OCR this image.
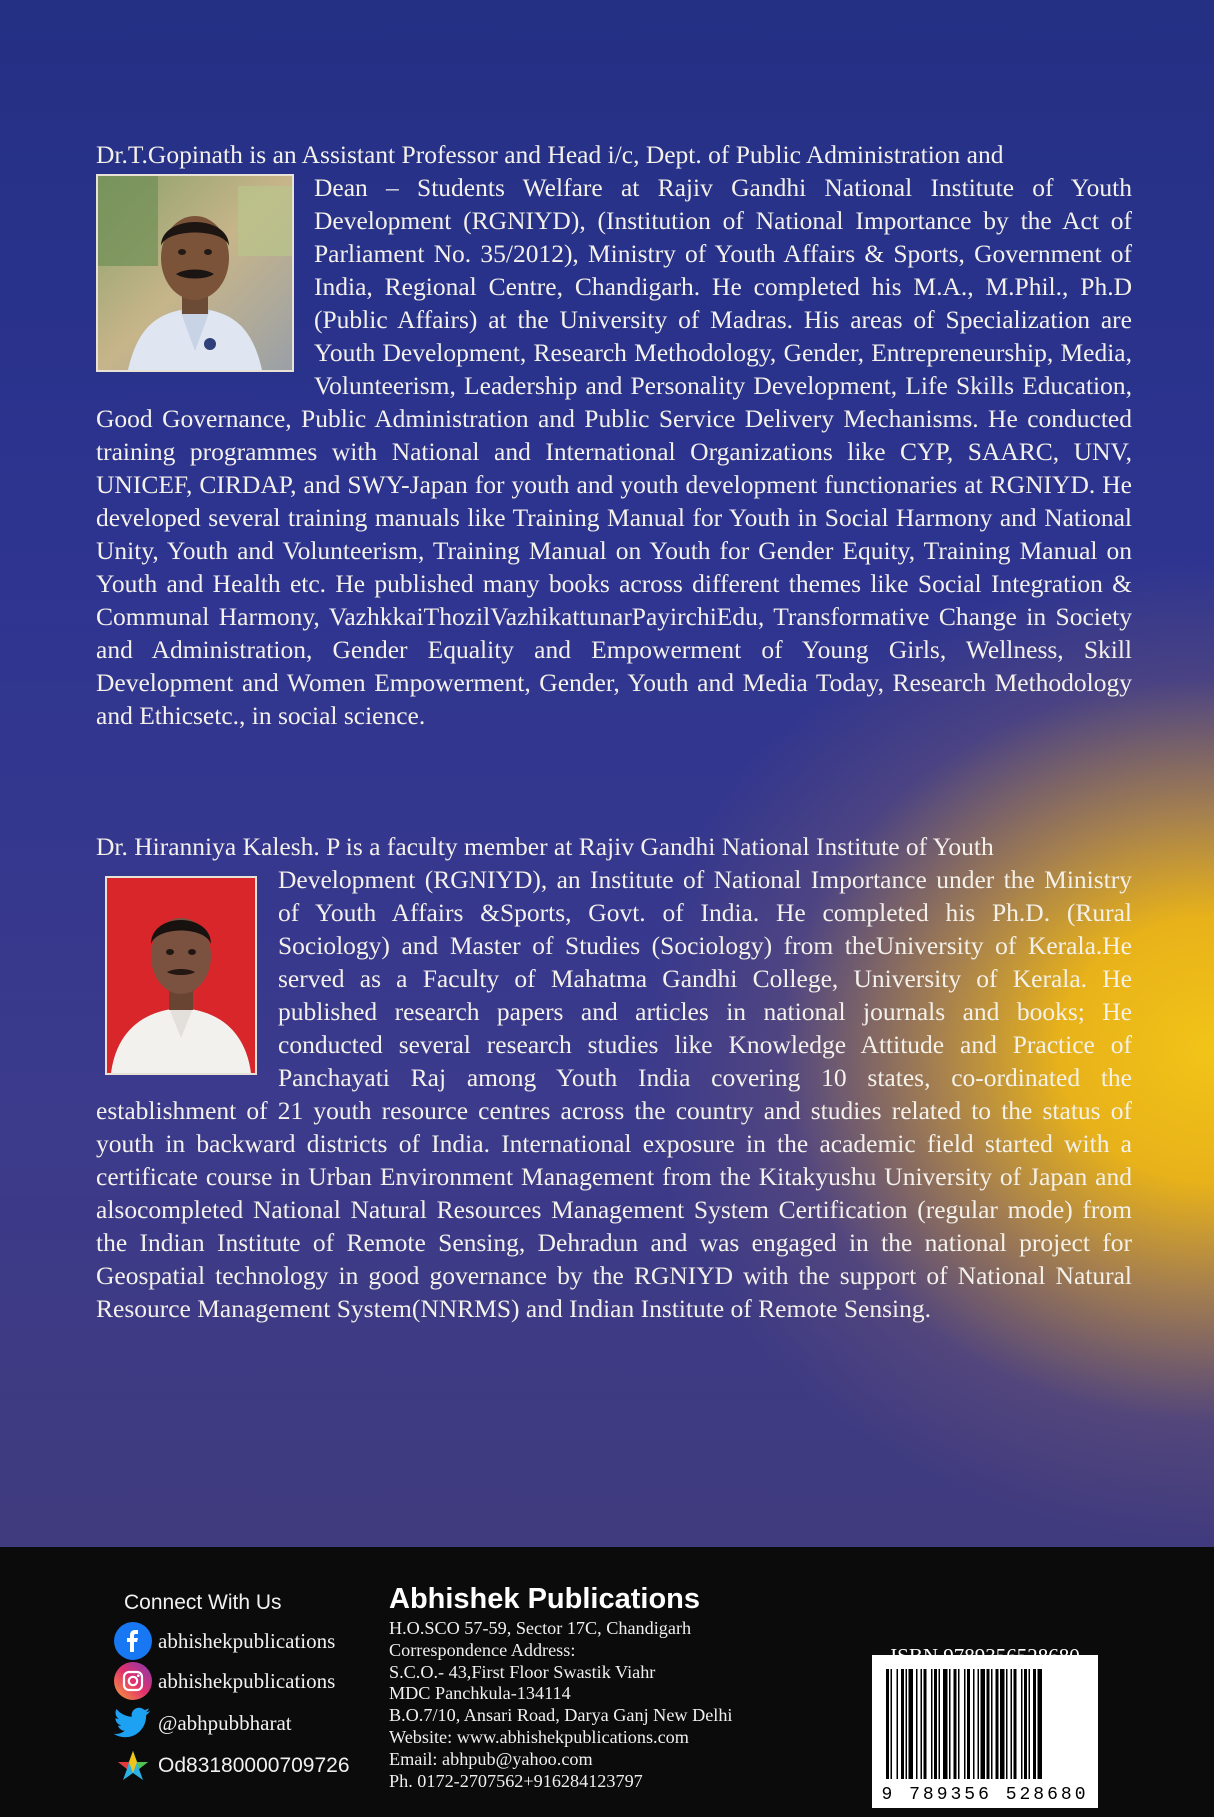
Dr.T.Gopinath is an Assistant Professor and Head i/c, Dept. of Public Administration and
Dean – Students Welfare at Rajiv Gandhi National Institute of Youth Development (RGNIYD), (Institution of National Importance by the Act of Parliament No. 35/2012), Ministry of Youth Affairs & Sports, Government of India, Regional Centre, Chandigarh. He completed his M.A., M.Phil., Ph.D (Public Affairs) at the University of Madras. His areas of Specialization are Youth Development, Research Methodology, Gender, Entrepreneurship, Media, Volunteerism, Leadership and Personality Development, Life Skills Education, Good Governance, Public Administration and Public Service Delivery Mechanisms. He conducted training programmes with National and International Organizations like CYP, SAARC, UNV, UNICEF, CIRDAP, and SWY-Japan for youth and youth development functionaries at RGNIYD. He developed several training manuals like Training Manual for Youth in Social Harmony and National Unity, Youth and Volunteerism, Training Manual on Youth for Gender Equity, Training Manual on Youth and Health etc. He published many books across different themes like Social Integration & Communal Harmony, VazhkkaiThozilVazhikattunarPayirchiEdu, Transformative Change in Society and Administration, Gender Equality and Empowerment of Young Girls, Wellness, Skill Development and Women Empowerment, Gender, Youth and Media Today, Research Methodology and Ethicsetc., in social science.
Dr. Hiranniya Kalesh. P is a faculty member at Rajiv Gandhi National Institute of Youth
Development (RGNIYD), an Institute of National Importance under the Ministry of Youth Affairs &Sports, Govt. of India. He completed his Ph.D. (Rural Sociology) and Master of Studies (Sociology) from theUniversity of Kerala.He served as a Faculty of Mahatma Gandhi College, University of Kerala. He published research papers and articles in national journals and books; He conducted several research studies like Knowledge Attitude and Practice of Panchayati Raj among Youth India covering 10 states, co-ordinated the establishment of 21 youth resource centres across the country and studies related to the status of youth in backward districts of India. International exposure in the academic field started with a certificate course in Urban Environment Management from the Kitakyushu University of Japan and alsocompleted National Natural Resources Management System Certification (regular mode) from the Indian Institute of Remote Sensing, Dehradun and was engaged in the national project for Geospatial technology in good governance by the RGNIYD with the support of National Natural Resource Management System(NNRMS) and Indian Institute of Remote Sensing.

Connect With Us

abhishekpublications
abhishekpublications
@abhpubbharat
Od83180000709726

Abhishek Publications

H.O.SCO 57-59, Sector 17C, Chandigarh
Correspondence Address:
S.C.O.- 43,First Floor Swastik Viahr
MDC Panchkula-134114
B.O.7/10, Ansari Road, Darya Ganj New Delhi
Website: www.abhishekpublications.com
Email: abhpub@yahoo.com
Ph. 0172-2707562+916284123797
9 789356 528680

ISBN 9789356528680
